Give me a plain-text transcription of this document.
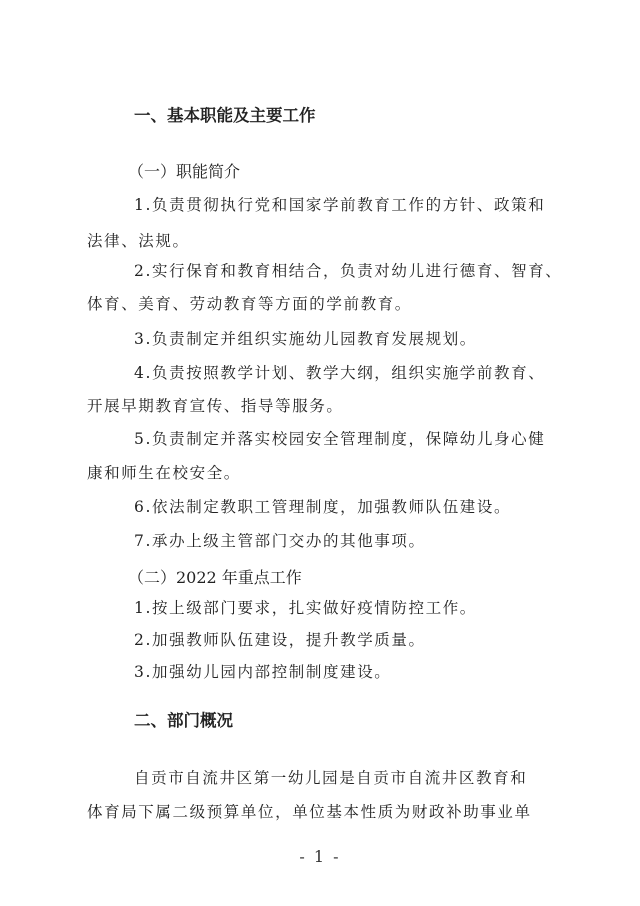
一、基本职能及主要工作
（一）职能简介
1.负责贯彻执行党和国家学前教育工作的方针、政策和
法律、法规。
2.实行保育和教育相结合，负责对幼儿进行德育、智育、
体育、美育、劳动教育等方面的学前教育。
3.负责制定并组织实施幼儿园教育发展规划。
4.负责按照教学计划、教学大纲，组织实施学前教育、
开展早期教育宣传、指导等服务。
5.负责制定并落实校园安全管理制度，保障幼儿身心健
康和师生在校安全。
6.依法制定教职工管理制度，加强教师队伍建设。
7.承办上级主管部门交办的其他事项。
（二）2022 年重点工作
1.按上级部门要求，扎实做好疫情防控工作。
2.加强教师队伍建设，提升教学质量。
3.加强幼儿园内部控制制度建设。
二、部门概况
自贡市自流井区第一幼儿园是自贡市自流井区教育和
体育局下属二级预算单位，单位基本性质为财政补助事业单
- 1 -
